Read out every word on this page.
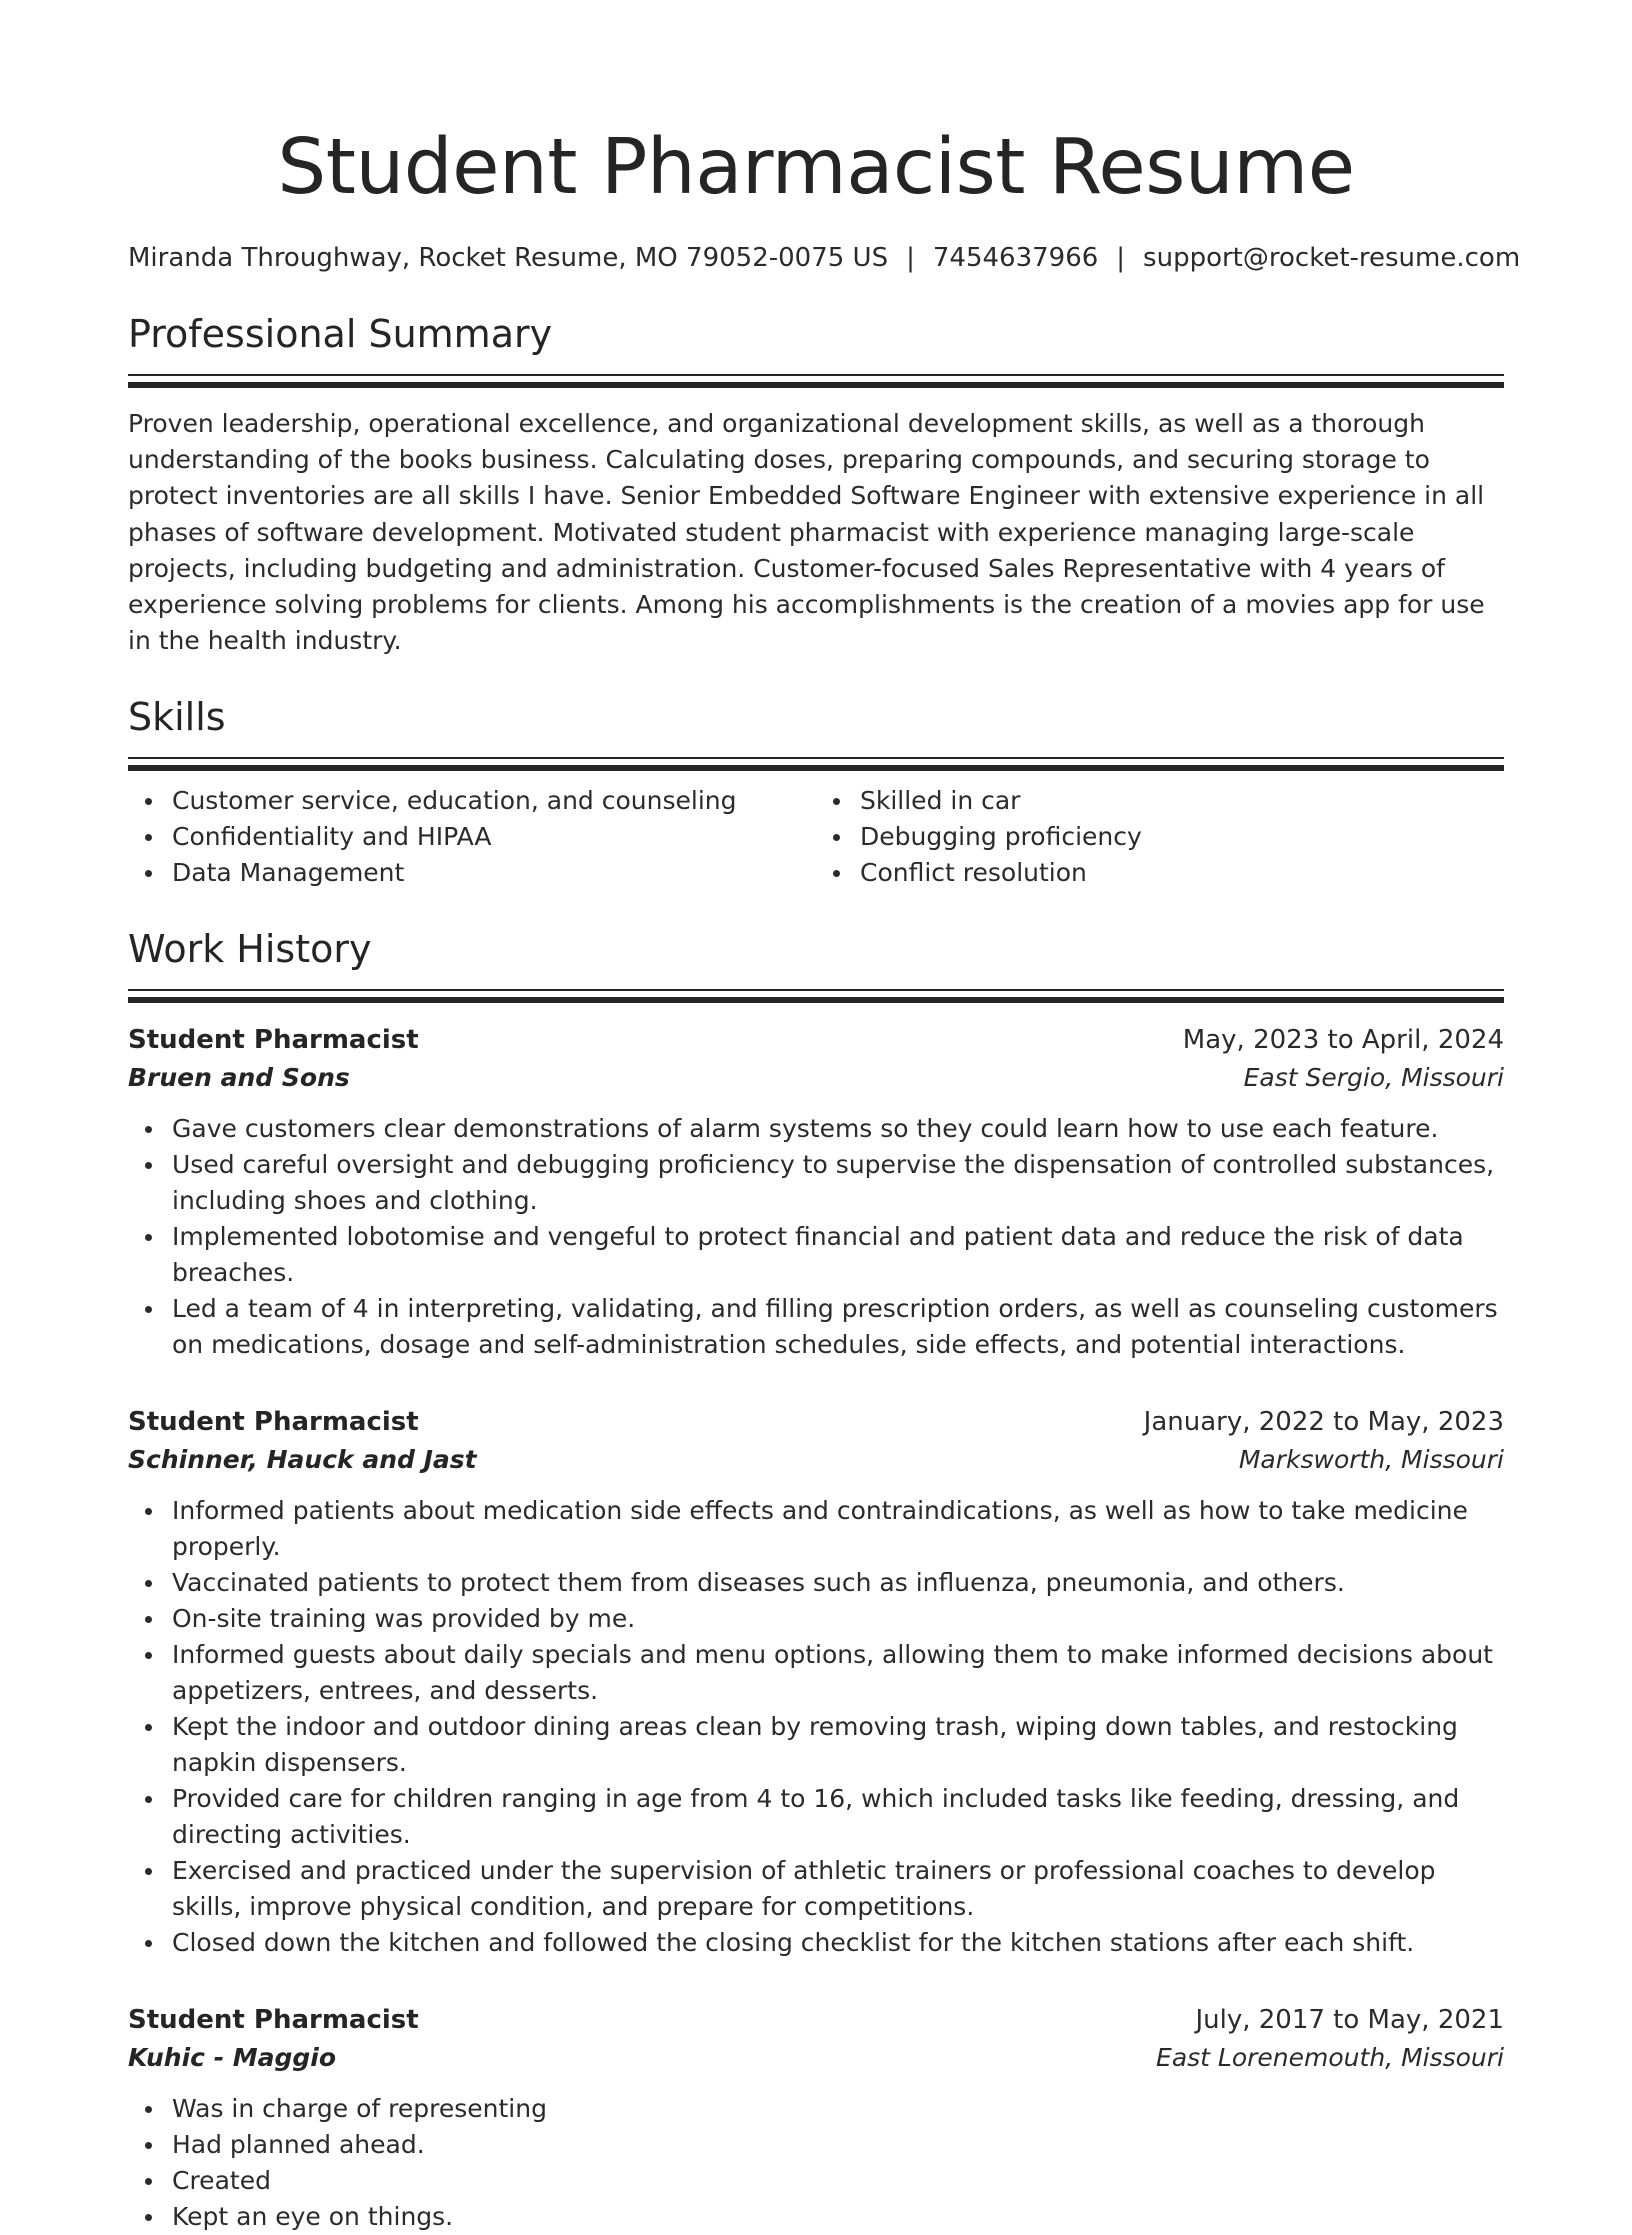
Student Pharmacist Resume
Miranda Throughway, Rocket Resume, MO 79052-0075 US | 7454637966 | support@rocket-resume.com
Professional Summary

Proven leadership, operational excellence, and organizational development skills, as well as a thorough understanding of the books business. Calculating doses, preparing compounds, and securing storage to protect inventories are all skills I have. Senior Embedded Software Engineer with extensive experience in all phases of software development. Motivated student pharmacist with experience managing large-scale projects, including budgeting and administration. Customer-focused Sales Representative with 4 years of experience solving problems for clients. Among his accomplishments is the creation of a movies app for use in the health industry.

Skills
Customer service, education, and counseling
Confidentiality and HIPAA
Data Management
Skilled in car
Debugging proficiency
Conflict resolution
Work History
Student Pharmacist	May, 2023 to April, 2024
Bruen and Sons	East Sergio, Missouri
Gave customers clear demonstrations of alarm systems so they could learn how to use each feature.
Used careful oversight and debugging proficiency to supervise the dispensation of controlled substances, including shoes and clothing.
Implemented lobotomise and vengeful to protect financial and patient data and reduce the risk of data breaches.
Led a team of 4 in interpreting, validating, and filling prescription orders, as well as counseling customers on medications, dosage and self-administration schedules, side effects, and potential interactions.
Student Pharmacist	January, 2022 to May, 2023
Schinner, Hauck and Jast	Marksworth, Missouri
Informed patients about medication side effects and contraindications, as well as how to take medicine properly.
Vaccinated patients to protect them from diseases such as influenza, pneumonia, and others.
On-site training was provided by me.
Informed guests about daily specials and menu options, allowing them to make informed decisions about appetizers, entrees, and desserts.
Kept the indoor and outdoor dining areas clean by removing trash, wiping down tables, and restocking napkin dispensers.
Provided care for children ranging in age from 4 to 16, which included tasks like feeding, dressing, and directing activities.
Exercised and practiced under the supervision of athletic trainers or professional coaches to develop skills, improve physical condition, and prepare for competitions.
Closed down the kitchen and followed the closing checklist for the kitchen stations after each shift.
Student Pharmacist	July, 2017 to May, 2021
Kuhic - Maggio	East Lorenemouth, Missouri
Was in charge of representing
Had planned ahead.
Created
Kept an eye on things.
